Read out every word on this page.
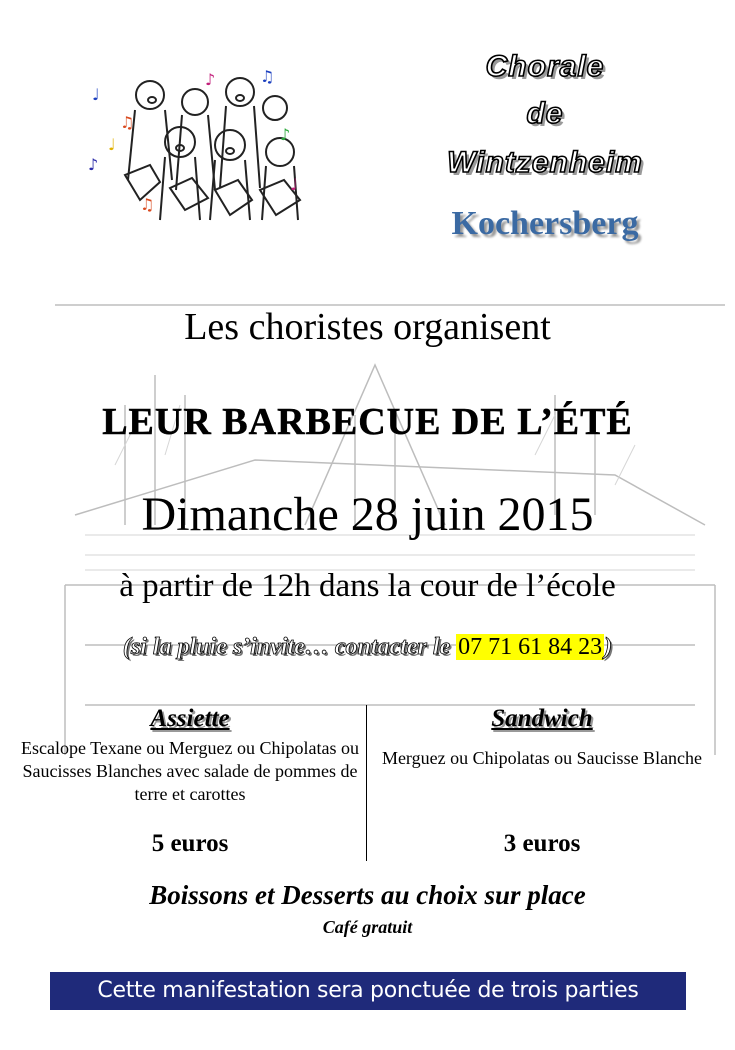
♩
♫
♪
♩
♪	♫
♪
♫
♩
Chorale
de
Wintzenheim
Kochersberg
Les choristes organisent
LEUR BARBECUE DE L’ÉTÉ
Dimanche 28 juin 2015
à partir de 12h dans la cour de l’école
(si la pluie s’invite… contacter le 07 71 61 84 23)
Assiette
Escalope Texane ou Merguez ou Chipolatas ou Saucisses Blanches avec salade de pommes de terre et carottes
Sandwich
Merguez ou Chipolatas ou Saucisse Blanche
5 euros	3 euros
Boissons et Desserts au choix sur place
Café gratuit
Cette manifestation sera ponctuée de trois parties chantées
